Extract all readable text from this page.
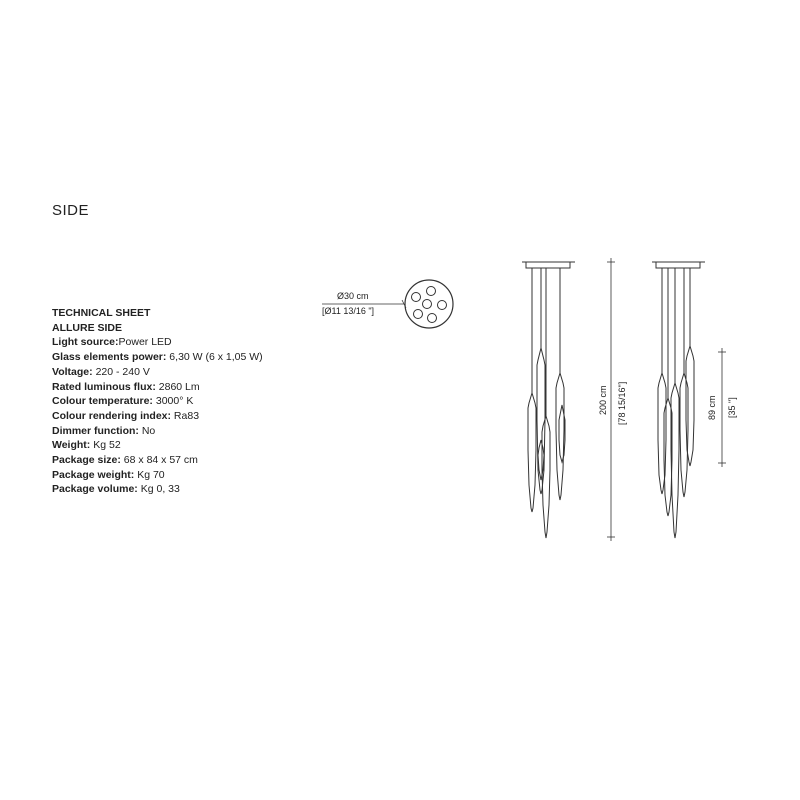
SIDE
TECHNICAL SHEET
ALLURE SIDE
Light source:Power LED
Glass elements power: 6,30 W (6 x 1,05 W)
Voltage: 220 - 240 V
Rated luminous flux: 2860 Lm
Colour temperature: 3000° K
Colour rendering index: Ra83
Dimmer function: No
Weight: Kg 52
Package size: 68 x 84 x 57 cm
Package weight: Kg 70
Package volume: Kg 0, 33
Ø30 cm
[Ø11 13/16 "]
200 cm [78 15/16"]	89 cm [35 "]
